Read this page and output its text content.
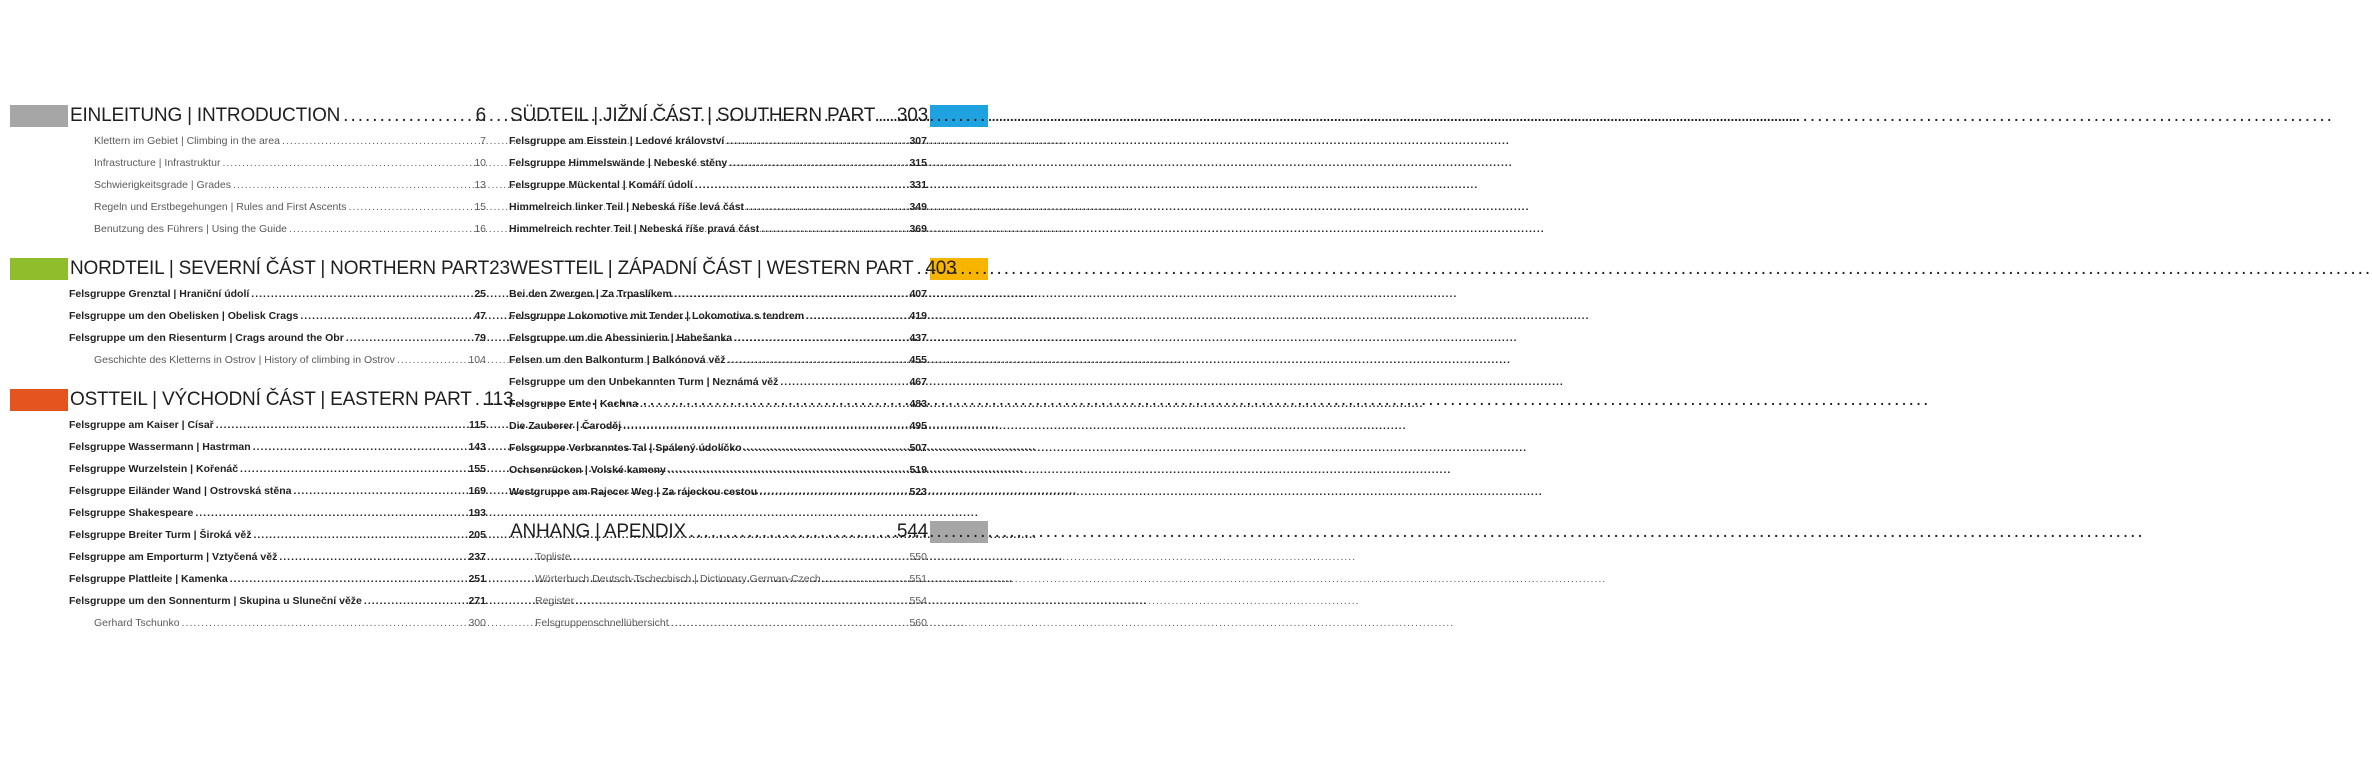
EINLEITUNG | INTRODUCTION .....	6
Klettern im Gebiet | Climbing in the area .....	7
Infrastructure | Infrastruktur .....	10
Schwierigkeitsgrade | Grades .....	13
Regeln und Erstbegehungen | Rules and First Ascents .....	15
Benutzung des Führers | Using the Guide .....	16
NORDTEIL | SEVERNÍ ČÁST | NORTHERN PART 23
Felsgruppe Grenztal | Hraniční údolí .....	25
Felsgruppe um den Obelisken | Obelisk Crags .....	47
Felsgruppe um den Riesenturm | Crags around the Obr .....	79
Geschichte des Kletterns in Ostrov | History of climbing in Ostrov .....	104
OSTTEIL | VÝCHODNÍ ČÁST | EASTERN PART ..... 113
Felsgruppe am Kaiser | Císař .....	115
Felsgruppe Wassermann | Hastrman .....	143
Felsgruppe Wurzelstein | Kořenáč .....	155
Felsgruppe Eiländer Wand | Ostrovská stěna .....	169
Felsgruppe Shakespeare .....	193
Felsgruppe Breiter Turm | Široká věž .....	205
Felsgruppe am Emporturm | Vztyčená věž .....	237
Felsgruppe Plattleite | Kamenka .....	251
Felsgruppe um den Sonnenturm | Skupina u Sluneční věže .....	271
Gerhard Tschunko .....	300
SÜDTEIL | JIŽNÍ ČÁST | SOUTHERN PART ..... 303
Felsgruppe am Eisstein | Ledové království .....	307
Felsgruppe Himmelswände | Nebeské stěny .....	315
Felsgruppe Mückental | Komáří údolí .....	331
Himmelreich linker Teil | Nebeská říše levá část .....	349
Himmelreich rechter Teil | Nebeská říše pravá část .....	369
WESTTEIL | ZÁPADNÍ ČÁST | WESTERN PART ..... 403
Bei den Zwergen | Za Trpaslíkem .....	407
Felsgruppe Lokomotive mit Tender | Lokomotiva s tendrem .....	419
Felsgruppe um die Abessinierin | Habešanka .....	437
Felsen um den Balkonturm | Balkónová věž .....	455
Felsgruppe um den Unbekannten Turm | Neznámá věž .....	467
Felsgruppe Ente | Kachna .....	483
Die Zauberer | Čaroděj .....	495
Felsgruppe Verbranntes Tal | Spálený údolíčko .....	507
Ochsenrücken | Volské kameny .....	519
Westgruppe am Rajecer Weg | Za rájeckou cestou .....	523
ANHANG | APENDIX .....	544
Topliste .....	550
Wörterbuch Deutsch-Tschechisch | Dictionary German-Czech .....	551
Register .....	554
Felsgruppenschnellübersicht .....	560
